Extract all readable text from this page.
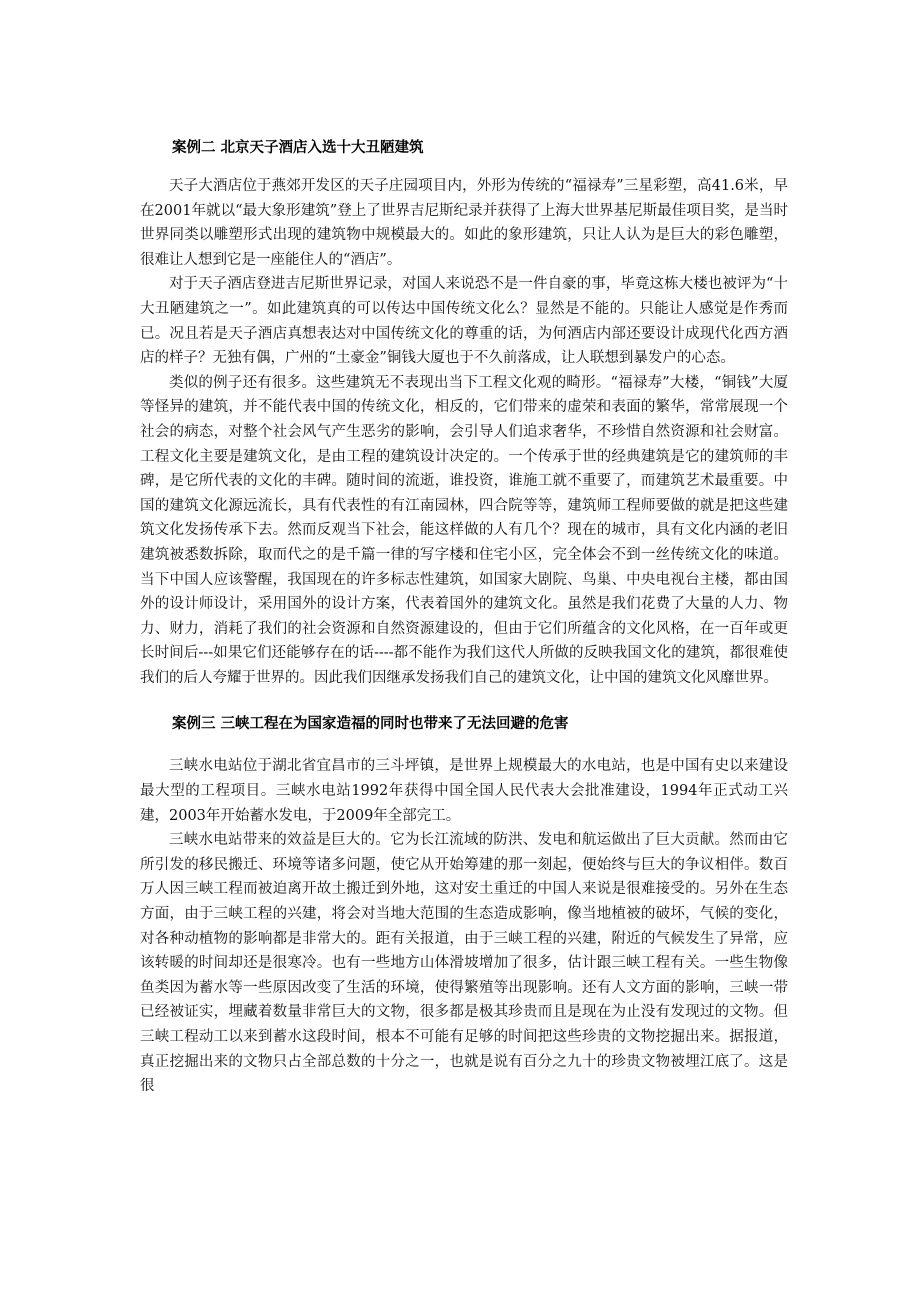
案例二 北京天子酒店入选十大丑陋建筑

天子大酒店位于燕郊开发区的天子庄园项目内，外形为传统的“福禄寿”三星彩塑，高41.6米，早在2001年就以“最大象形建筑”登上了世界吉尼斯纪录并获得了上海大世界基尼斯最佳项目奖，是当时世界同类以雕塑形式出现的建筑物中规模最大的。如此的象形建筑，只让人认为是巨大的彩色雕塑，很难让人想到它是一座能住人的“酒店”。

对于天子酒店登进吉尼斯世界记录，对国人来说恐不是一件自豪的事，毕竟这栋大楼也被评为“十大丑陋建筑之一”。如此建筑真的可以传达中国传统文化么？显然是不能的。只能让人感觉是作秀而已。况且若是天子酒店真想表达对中国传统文化的尊重的话，为何酒店内部还要设计成现代化西方酒店的样子？无独有偶，广州的“土豪金”铜钱大厦也于不久前落成，让人联想到暴发户的心态。

类似的例子还有很多。这些建筑无不表现出当下工程文化观的畸形。“福禄寿”大楼，“铜钱”大厦等怪异的建筑，并不能代表中国的传统文化，相反的，它们带来的虚荣和表面的繁华，常常展现一个社会的病态，对整个社会风气产生恶劣的影响，会引导人们追求奢华，不珍惜自然资源和社会财富。工程文化主要是建筑文化，是由工程的建筑设计决定的。一个传承于世的经典建筑是它的建筑师的丰碑，是它所代表的文化的丰碑。随时间的流逝，谁投资，谁施工就不重要了，而建筑艺术最重要。中国的建筑文化源远流长，具有代表性的有江南园林，四合院等等，建筑师工程师要做的就是把这些建筑文化发扬传承下去。然而反观当下社会，能这样做的人有几个？现在的城市，具有文化内涵的老旧建筑被悉数拆除，取而代之的是千篇一律的写字楼和住宅小区，完全体会不到一丝传统文化的味道。当下中国人应该警醒，我国现在的许多标志性建筑，如国家大剧院、鸟巢、中央电视台主楼，都由国外的设计师设计，采用国外的设计方案，代表着国外的建筑文化。虽然是我们花费了大量的人力、物力、财力，消耗了我们的社会资源和自然资源建设的，但由于它们所蕴含的文化风格，在一百年或更长时间后---如果它们还能够存在的话----都不能作为我们这代人所做的反映我国文化的建筑，都很难使我们的后人夸耀于世界的。因此我们因继承发扬我们自己的建筑文化，让中国的建筑文化风靡世界。

案例三 三峡工程在为国家造福的同时也带来了无法回避的危害

三峡水电站位于湖北省宜昌市的三斗坪镇，是世界上规模最大的水电站，也是中国有史以来建设最大型的工程项目。三峡水电站1992年获得中国全国人民代表大会批准建设，1994年正式动工兴建，2003年开始蓄水发电，于2009年全部完工。

三峡水电站带来的效益是巨大的。它为长江流域的防洪、发电和航运做出了巨大贡献。然而由它所引发的移民搬迁、环境等诸多问题，使它从开始筹建的那一刻起，便始终与巨大的争议相伴。数百万人因三峡工程而被迫离开故土搬迁到外地，这对安土重迁的中国人来说是很难接受的。另外在生态方面，由于三峡工程的兴建，将会对当地大范围的生态造成影响，像当地植被的破坏，气候的变化，对各种动植物的影响都是非常大的。距有关报道，由于三峡工程的兴建，附近的气候发生了异常，应该转暖的时间却还是很寒冷。也有一些地方山体滑坡增加了很多，估计跟三峡工程有关。一些生物像鱼类因为蓄水等一些原因改变了生活的环境，使得繁殖等出现影响。还有人文方面的影响，三峡一带已经被证实，埋藏着数量非常巨大的文物，很多都是极其珍贵而且是现在为止没有发现过的文物。但三峡工程动工以来到蓄水这段时间，根本不可能有足够的时间把这些珍贵的文物挖掘出来。据报道，真正挖掘出来的文物只占全部总数的十分之一，也就是说有百分之九十的珍贵文物被埋江底了。这是很
